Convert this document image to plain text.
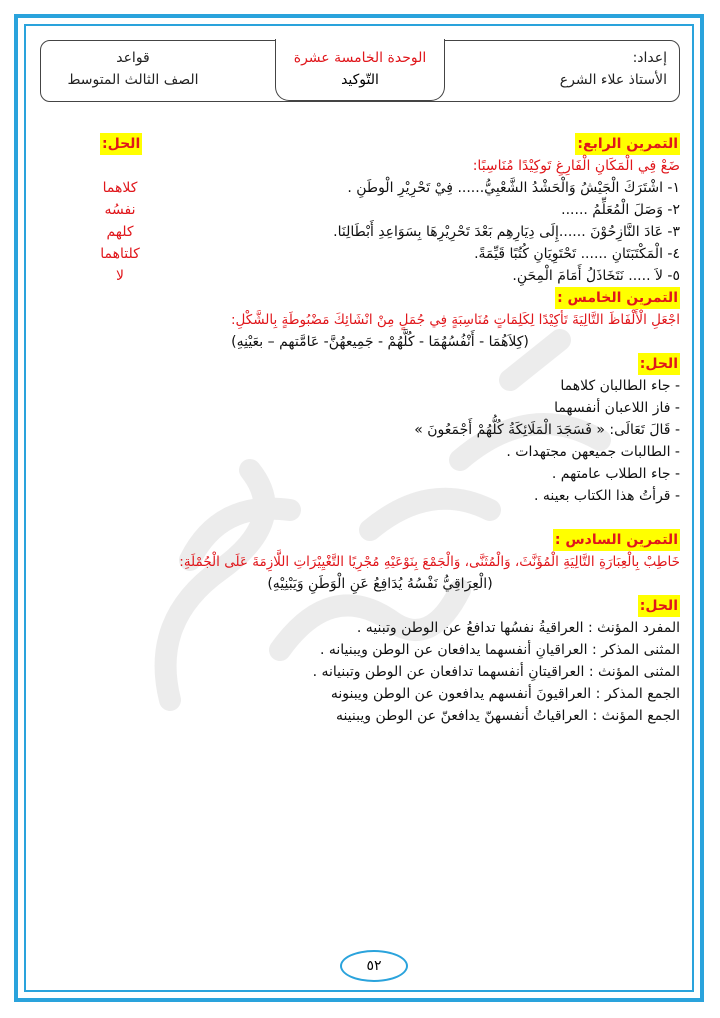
إعداد:
الأستاذ علاء الشرع
الوحدة الخامسة عشرة
التّوكيد
قواعد
الصف الثالث المتوسط
التمرين الرابع:
الحل:
ضَعْ فِي الْمَكَانِ الْفَارِغِ تَوكِيْدًا مُنَاسِبًا:
١- اشْتَرَكَ الْجَيْشُ وَالْحَشْدُ الشَّعْبِيُّ...... فِيْ تَحْرِيْرِ الْوطَنِ .
كلاهما
٢- وَصَلَ الْمُعَلِّمُ ......
نفسُه
٣- عَادَ النَّازِحُوْنَ ......إِلَى دِيَارِهِم بَعْدَ تَحْرِيْرِهَا بِسَوَاعِدِ أَبْطَالِنَا.
كلهم
٤- الْمَكْتَبَتَانِ ...... تَحْتَوِيَانِ كُتُبًا قَيِّمَةً.
كلتاهما
٥- لاَ ..... نَتَخَاذَلُ أَمَامَ الْمِحَنِ.
لا
التمرين الخامس :
اجْعَلِ الْأَلْفَاظَ التَّالِيَةَ تَأكِيْدًا لِكَلِمَاتٍ مُنَاسِبَةٍ فِي جُمَلٍ مِنْ انْشَائِكَ مَضْبُوطَةٍ بِالشَّكْلِ:
(كِلاَهُمَا - أَنْفُسُهُمَا - كُلَّهُمْ - جَمِيعهُنَّ- عَامَّتهم – بعَيْنِهِ)
الحل:
- جاء الطالبان كلاهما
- فاز اللاعبان أنفسهما
- قَالَ تَعَالَى: « فَسَجَدَ الْمَلَائِكَةُ كُلُّهُمْ أَجْمَعُونَ »
- الطالبات جميعهن مجتهدات .
- جاء الطلاب عامتهم .
- قرأتُ هذا الكتاب بعينه .
التمرين السادس :
خَاطِبْ بِالْعِبَارَةِ التَّالِيَةِ الْمُؤَنَّثَ، وَالْمُثَنَّى، وَالْجَمْعَ بِنَوْعَيْهِ مُجْرِيًا التَّغْيِيْرَاتِ اللَّازِمَةَ عَلَى الْجُمْلَةِ:
(الْعِرَاقِيُّ نَفْسُهُ يُدَافِعُ عَنِ الْوَطَنِ وَيَبْنِيْهِ)
الحل:
المفرد المؤنث : العراقيةُ نفسُها تدافعُ عن الوطن وتبنيه .
المثنى المذكر : العراقيانِ أنفسهما يدافعان عن الوطن ويبنيانه .
المثنى المؤنث : العراقيتانِ أنفسهما تدافعان عن الوطن وتبنيانه .
الجمع المذكر : العراقيونَ أنفسهم يدافعون عن الوطن ويبنونه
الجمع المؤنث : العراقياتُ أنفسهنّ يدافعنّ عن الوطن ويبنينه
٥٢
